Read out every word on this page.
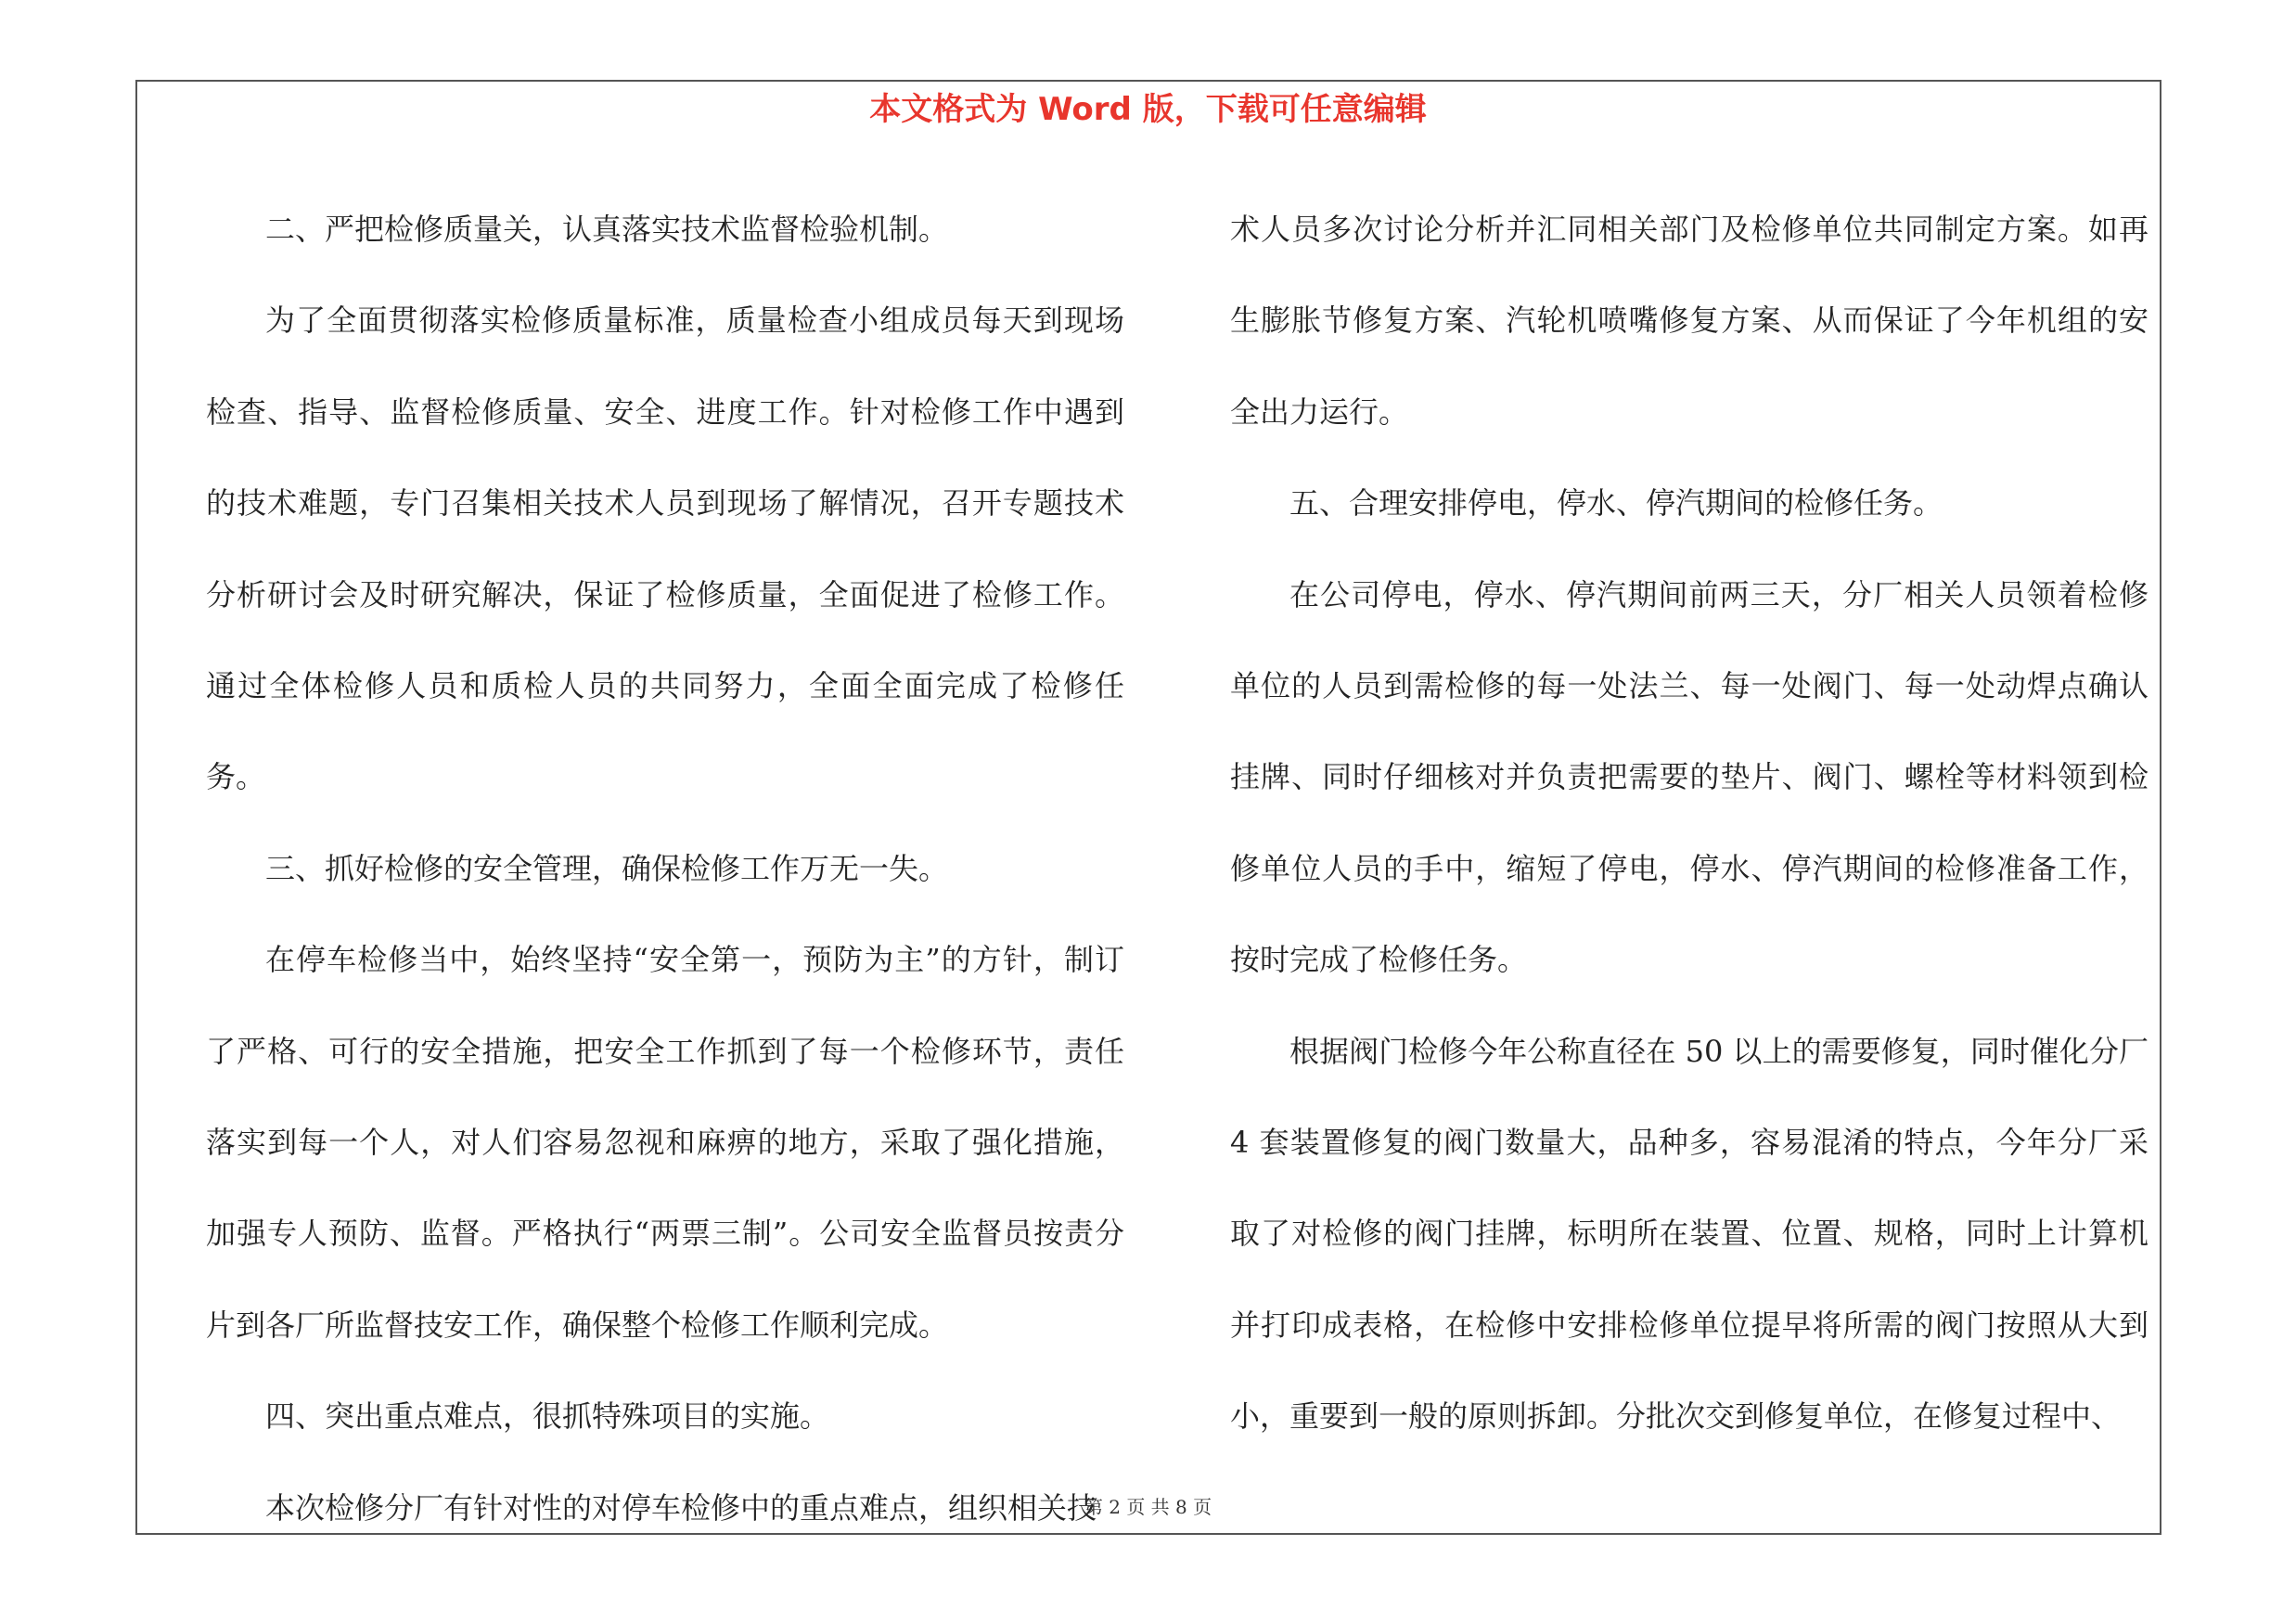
本文格式为 Word 版，下载可任意编辑

二、严把检修质量关，认真落实技术监督检验机制。

为了全面贯彻落实检修质量标准，质量检查小组成员每天到现场检查、指导、监督检修质量、安全、进度工作。针对检修工作中遇到的技术难题，专门召集相关技术人员到现场了解情况，召开专题技术分析研讨会及时研究解决，保证了检修质量，全面促进了检修工作。通过全体检修人员和质检人员的共同努力，全面全面完成了检修任务。

三、抓好检修的安全管理，确保检修工作万无一失。

在停车检修当中，始终坚持“安全第一，预防为主”的方针，制订了严格、可行的安全措施，把安全工作抓到了每一个检修环节，责任落实到每一个人，对人们容易忽视和麻痹的地方，采取了强化措施，加强专人预防、监督。严格执行“两票三制”。公司安全监督员按责分片到各厂所监督技安工作，确保整个检修工作顺利完成。

四、突出重点难点，很抓特殊项目的实施。

本次检修分厂有针对性的对停车检修中的重点难点，组织相关技

术人员多次讨论分析并汇同相关部门及检修单位共同制定方案。如再生膨胀节修复方案、汽轮机喷嘴修复方案、从而保证了今年机组的安全出力运行。

五、合理安排停电，停水、停汽期间的检修任务。

在公司停电，停水、停汽期间前两三天，分厂相关人员领着检修单位的人员到需检修的每一处法兰、每一处阀门、每一处动焊点确认挂牌、同时仔细核对并负责把需要的垫片、阀门、螺栓等材料领到检修单位人员的手中，缩短了停电，停水、停汽期间的检修准备工作，按时完成了检修任务。

根据阀门检修今年公称直径在 50 以上的需要修复，同时催化分厂 4 套装置修复的阀门数量大，品种多，容易混淆的特点，今年分厂采取了对检修的阀门挂牌，标明所在装置、位置、规格，同时上计算机并打印成表格，在检修中安排检修单位提早将所需的阀门按照从大到小，重要到一般的原则拆卸。分批次交到修复单位，在修复过程中、

第 2 页 共 8 页
